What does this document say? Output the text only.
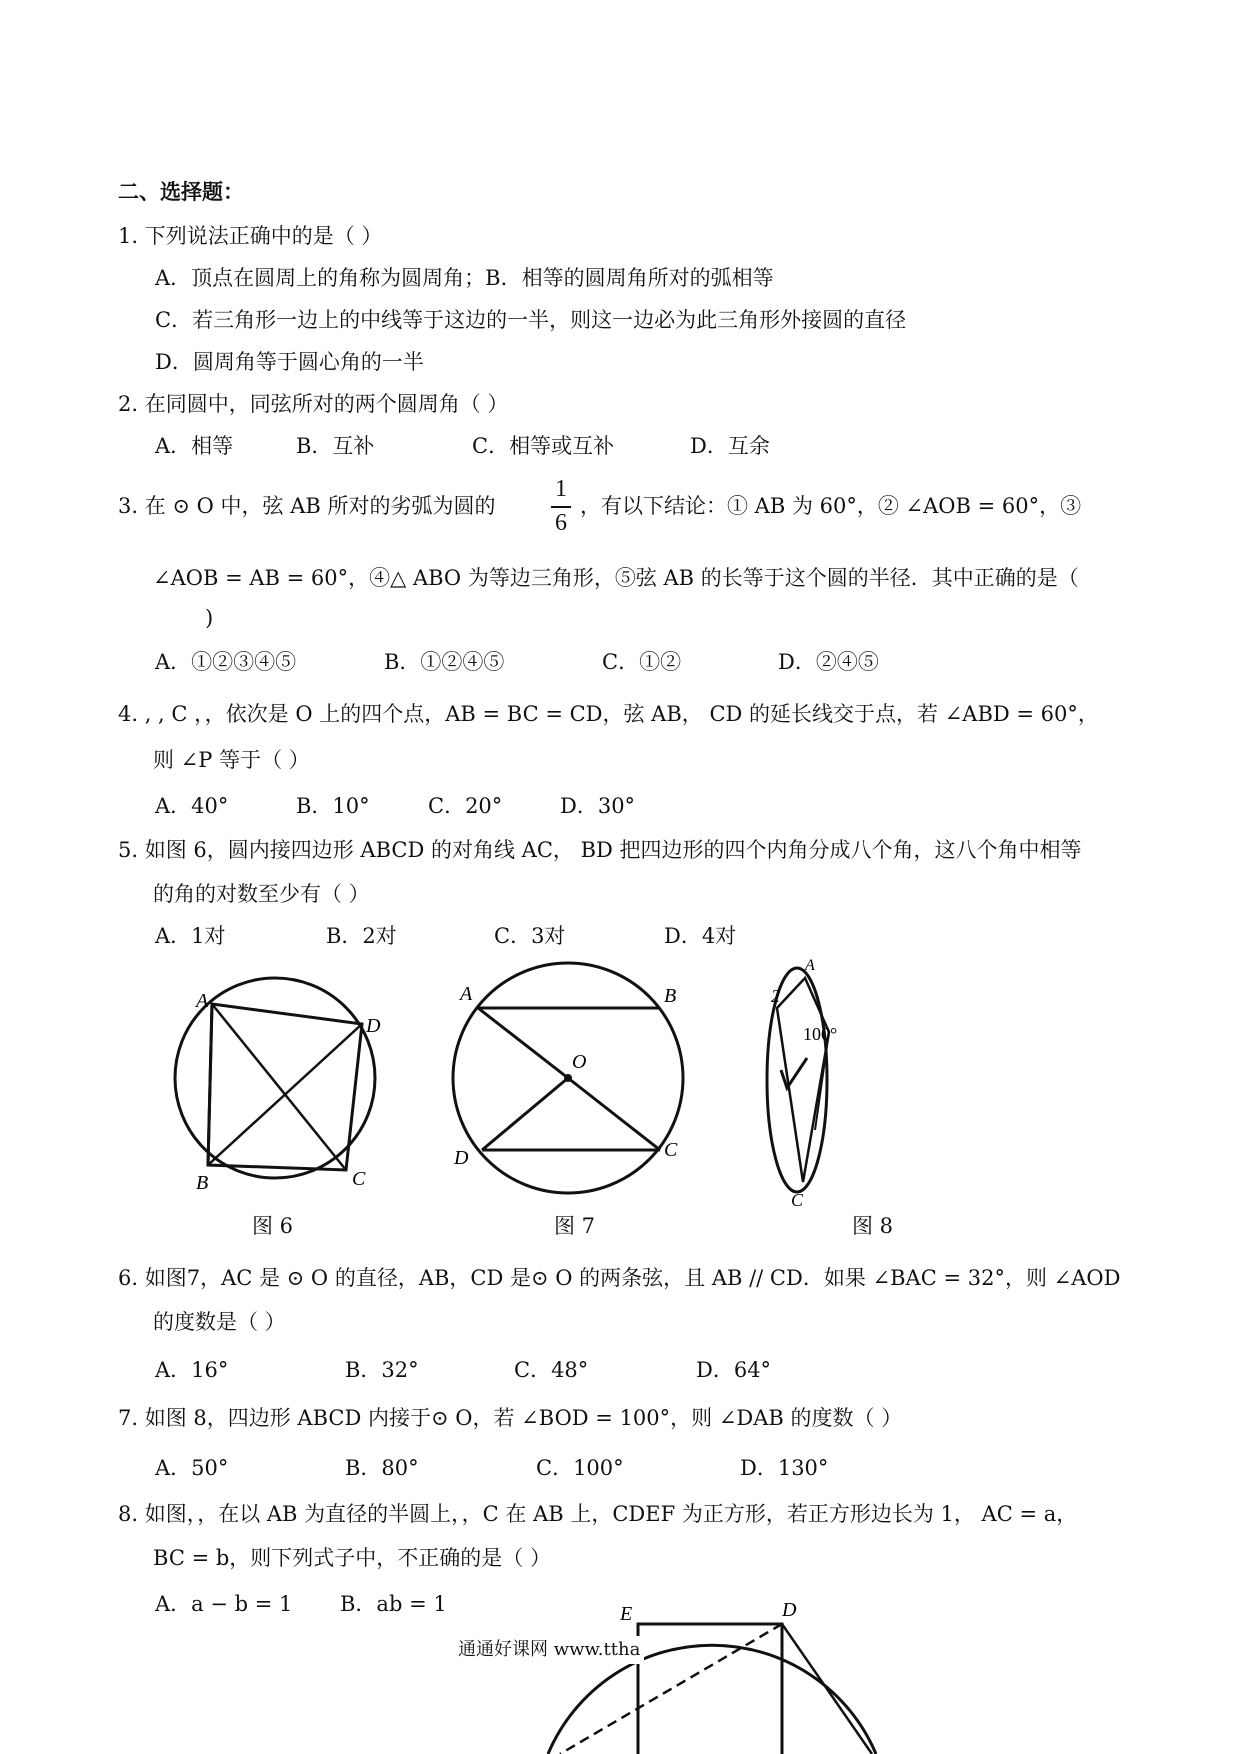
二、选择题：
1. 下列说法正确中的是（ ）
A．顶点在圆周上的角称为圆周角；B．相等的圆周角所对的弧相等
C．若三角形一边上的中线等于这边的一半，则这一边必为此三角形外接圆的直径
D．圆周角等于圆心角的一半
2. 在同圆中，同弦所对的两个圆周角（ ）
A．相等	B．互补	C．相等或互补	D．互余
3. 在 ⊙ O 中，弦 AB 所对的劣弧为圆的
1
6
，有以下结论：① AB 为 60°，② ∠AOB = 60°，③
∠AOB = AB = 60°，④△ ABO 为等边三角形，⑤弦 AB 的长等于这个圆的半径．其中正确的是（
)
A．①②③④⑤	B．①②④⑤	C．①②	D．②④⑤
4. , , C ，，依次是 O 上的四个点，AB = BC = CD，弦 AB， CD 的延长线交于点，若 ∠ABD = 60°，
则 ∠P 等于（ ）
A．40°	B．10°	C．20°	D．30°
5. 如图 6，圆内接四边形 ABCD 的对角线 AC， BD 把四边形的四个内角分成八个角，这八个角中相等
的角的对数至少有（ ）
A．1对	B．2对	C．3对	D．4对
A
B	C
D
图 6
A	B
C
D
O
图 7
A
2
100°
C
图 8
6. 如图7，AC 是 ⊙ O 的直径，AB，CD 是⊙ O 的两条弦，且 AB // CD．如果 ∠BAC = 32°，则 ∠AOD
的度数是（ ）
A．16°	B．32°	C．48°	D．64°
7. 如图 8，四边形 ABCD 内接于⊙ O，若 ∠BOD = 100°，则 ∠DAB 的度数（ ）
A．50°	B．80°	C．100°	D．130°
8. 如图，，在以 AB 为直径的半圆上，，C 在 AB 上，CDEF 为正方形，若正方形边长为 1， AC = a，
BC = b，则下列式子中，不正确的是（ ）
A．a − b = 1 B．ab = 1	E	D
通通好课网 www.ttha
